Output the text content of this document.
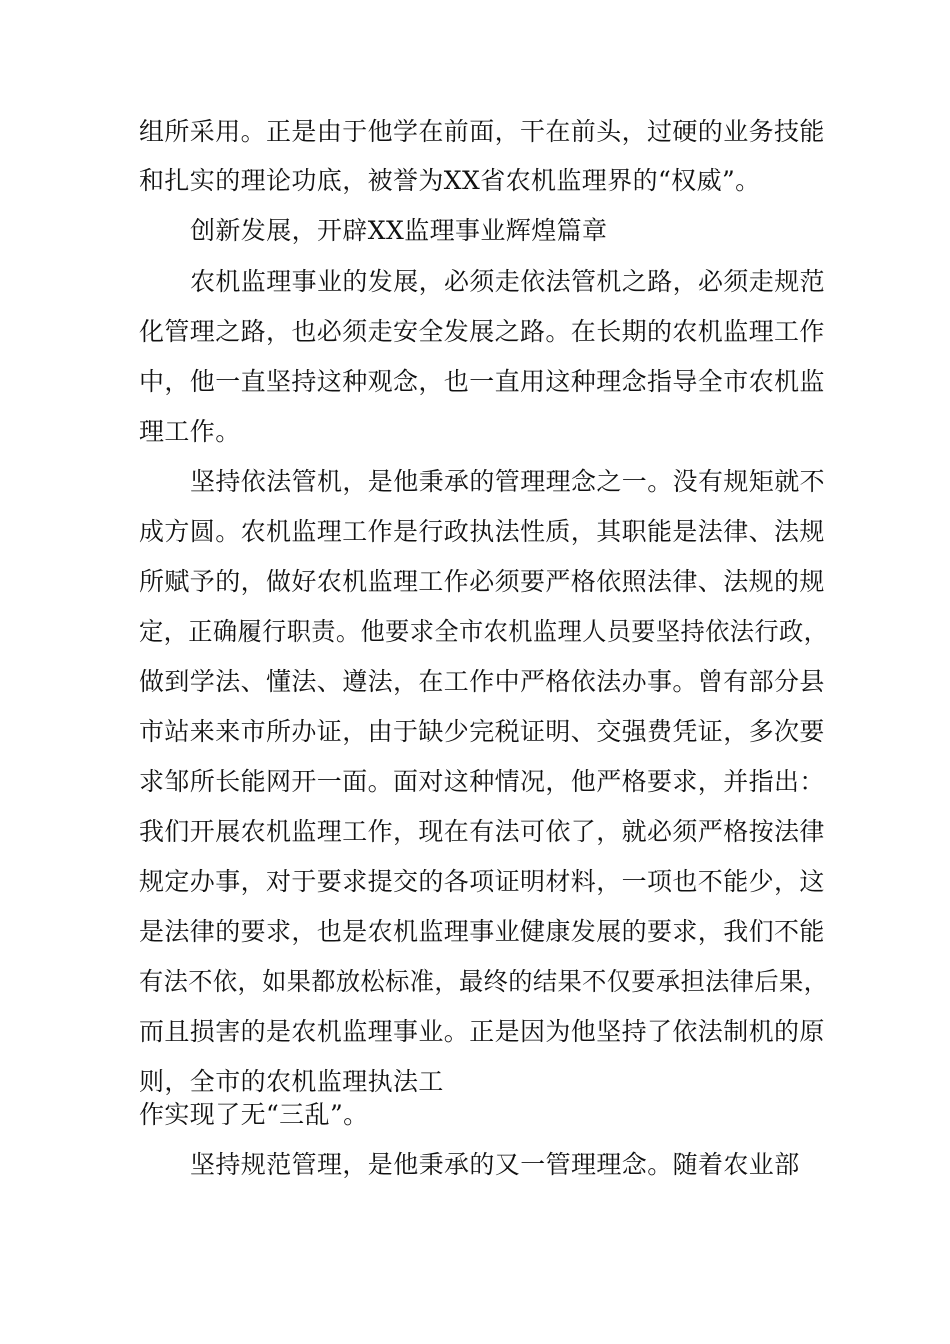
组所采用。正是由于他学在前面，干在前头，过硬的业务技能
和扎实的理论功底，被誉为XX省农机监理界的“权威”。
创新发展，开辟XX监理事业辉煌篇章
农机监理事业的发展，必须走依法管机之路，必须走规范
化管理之路，也必须走安全发展之路。在长期的农机监理工作
中，他一直坚持这种观念，也一直用这种理念指导全市农机监
理工作。
坚持依法管机，是他秉承的管理理念之一。没有规矩就不
成方圆。农机监理工作是行政执法性质，其职能是法律、法规
所赋予的，做好农机监理工作必须要严格依照法律、法规的规
定，正确履行职责。他要求全市农机监理人员要坚持依法行政，
做到学法、懂法、遵法，在工作中严格依法办事。曾有部分县
市站来来市所办证，由于缺少完税证明、交强费凭证，多次要
求邹所长能网开一面。面对这种情况，他严格要求，并指出：
我们开展农机监理工作，现在有法可依了，就必须严格按法律
规定办事，对于要求提交的各项证明材料，一项也不能少，这
是法律的要求，也是农机监理事业健康发展的要求，我们不能
有法不依，如果都放松标准，最终的结果不仅要承担法律后果，
而且损害的是农机监理事业。正是因为他坚持了依法制机的原
则，全市的农机监理执法工
作实现了无“三乱”。
坚持规范管理，是他秉承的又一管理理念。随着农业部
